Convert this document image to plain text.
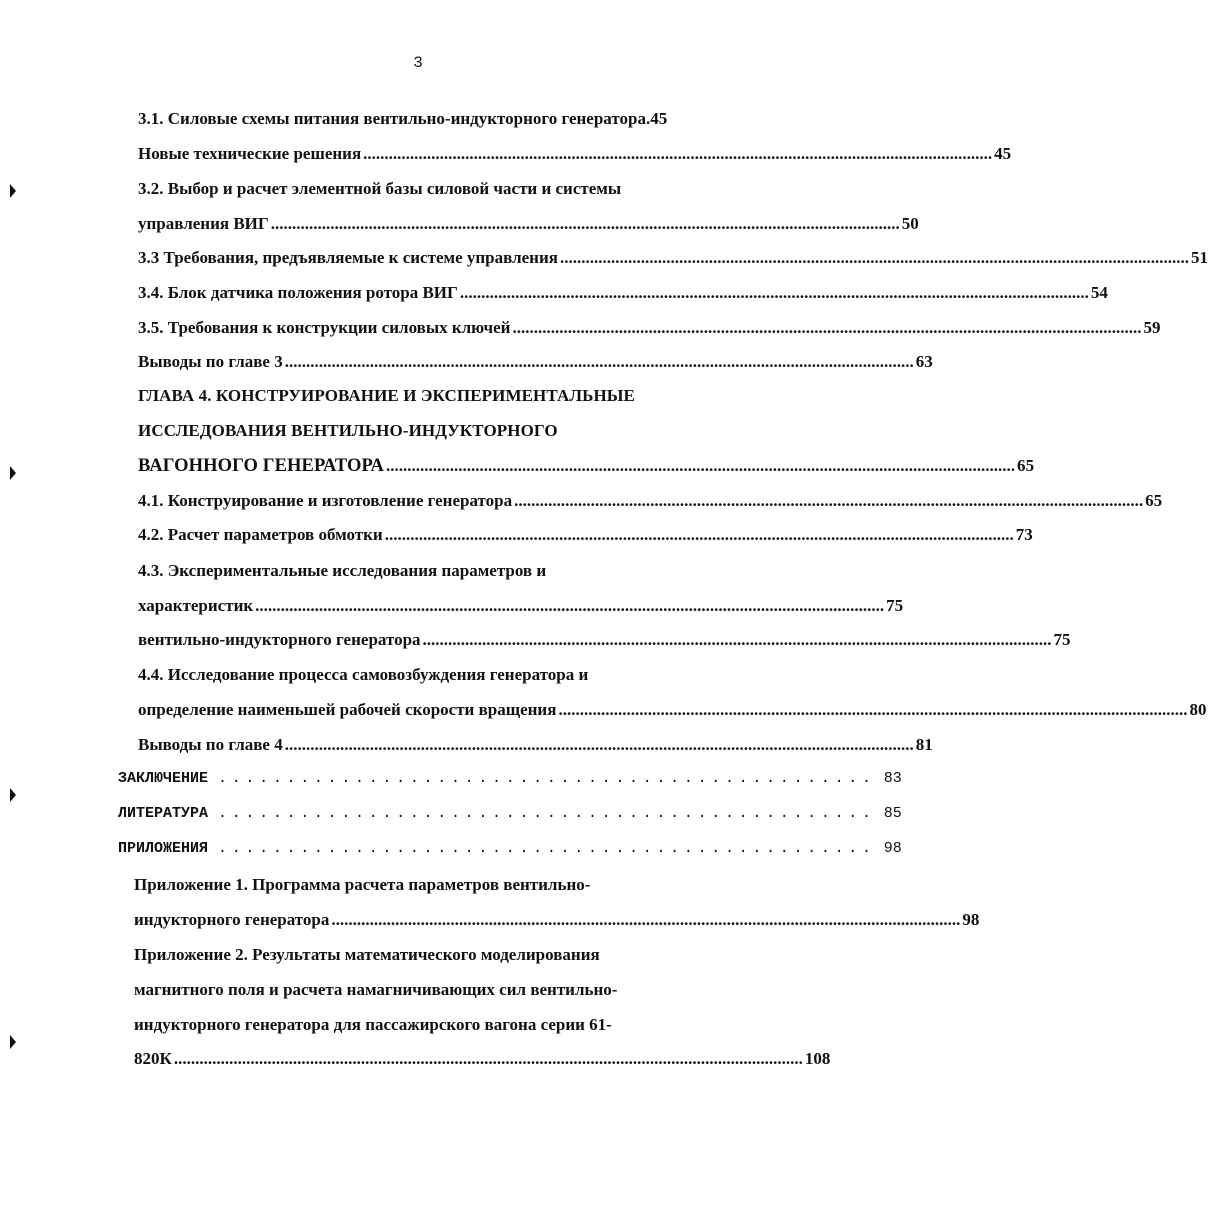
3
3.1. Силовые схемы питания вентильно-индукторного генератора.45
Новые технические решения .................................................................................................................................................... 45
3.2. Выбор и расчет элементной базы силовой части и системы
управления ВИГ .................................................................................................................................................... 50
3.3 Требования, предъявляемые к системе управления .................................................................................................................................................... 51
3.4. Блок датчика положения ротора ВИГ .................................................................................................................................................... 54
3.5. Требования к конструкции силовых ключей .................................................................................................................................................... 59
Выводы по главе 3 .................................................................................................................................................... 63
ГЛАВА 4. КОНСТРУИРОВАНИЕ И ЭКСПЕРИМЕНТАЛЬНЫЕ
ИССЛЕДОВАНИЯ ВЕНТИЛЬНО-ИНДУКТОРНОГО
ВАГОННОГО ГЕНЕРАТОРА .................................................................................................................................................... 65
4.1. Конструирование и изготовление генератора .................................................................................................................................................... 65
4.2. Расчет параметров обмотки .................................................................................................................................................... 73
4.3. Экспериментальные исследования параметров и
характеристик .................................................................................................................................................... 75
вентильно-индукторного генератора .................................................................................................................................................... 75
4.4. Исследование процесса самовозбуждения генератора и
определение наименьшей рабочей скорости вращения .................................................................................................................................................... 80
Выводы по главе 4 .................................................................................................................................................... 81
ЗАКЛЮЧЕНИЕ ................................................ 83
ЛИТЕРАТУРА ................................................ 85
ПРИЛОЖЕНИЯ ................................................ 98
Приложение 1. Программа расчета параметров вентильно-
индукторного генератора .................................................................................................................................................... 98
Приложение 2. Результаты математического моделирования
магнитного поля и расчета намагничивающих сил вентильно-
индукторного генератора для пассажирского вагона серии 61-
820К .................................................................................................................................................... 108
